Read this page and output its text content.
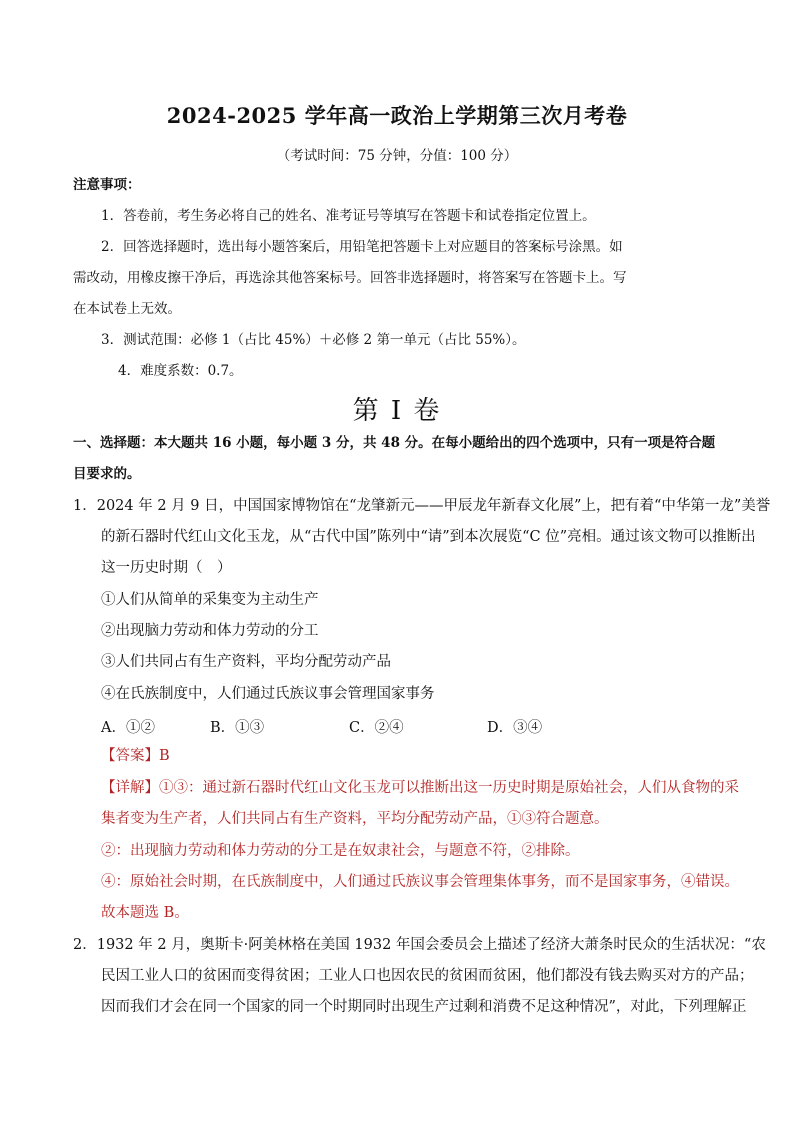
2024-2025 学年高一政治上学期第三次月考卷
（考试时间：75 分钟，分值：100 分）
注意事项：
1．答卷前，考生务必将自己的姓名、准考证号等填写在答题卡和试卷指定位置上。
2．回答选择题时，选出每小题答案后，用铅笔把答题卡上对应题目的答案标号涂黑。如
需改动，用橡皮擦干净后，再选涂其他答案标号。回答非选择题时，将答案写在答题卡上。写
在本试卷上无效。
3．测试范围：必修 1（占比 45%）＋必修 2 第一单元（占比 55%）。
4．难度系数：0.7。
第 I 卷
一、选择题：本大题共 16 小题，每小题 3 分，共 48 分。在每小题给出的四个选项中，只有一项是符合题
目要求的。
1．2024 年 2 月 9 日，中国国家博物馆在“龙肇新元——甲辰龙年新春文化展”上，把有着“中华第一龙”美誉
的新石器时代红山文化玉龙，从“古代中国”陈列中“请”到本次展览“C 位”亮相。通过该文物可以推断出
这一历史时期（　）
①人们从简单的采集变为主动生产
②出现脑力劳动和体力劳动的分工
③人们共同占有生产资料，平均分配劳动产品
④在氏族制度中，人们通过氏族议事会管理国家事务
A．①②	B．①③	C．②④	D．③④
【答案】B
【详解】①③：通过新石器时代红山文化玉龙可以推断出这一历史时期是原始社会，人们从食物的采
集者变为生产者，人们共同占有生产资料，平均分配劳动产品，①③符合题意。
②：出现脑力劳动和体力劳动的分工是在奴隶社会，与题意不符，②排除。
④：原始社会时期，在氏族制度中，人们通过氏族议事会管理集体事务，而不是国家事务，④错误。
故本题选 B。
2．1932 年 2 月，奥斯卡·阿美林格在美国 1932 年国会委员会上描述了经济大萧条时民众的生活状况：“农
民因工业人口的贫困而变得贫困；工业人口也因农民的贫困而贫困，他们都没有钱去购买对方的产品；
因而我们才会在同一个国家的同一个时期同时出现生产过剩和消费不足这种情况”，对此，下列理解正
